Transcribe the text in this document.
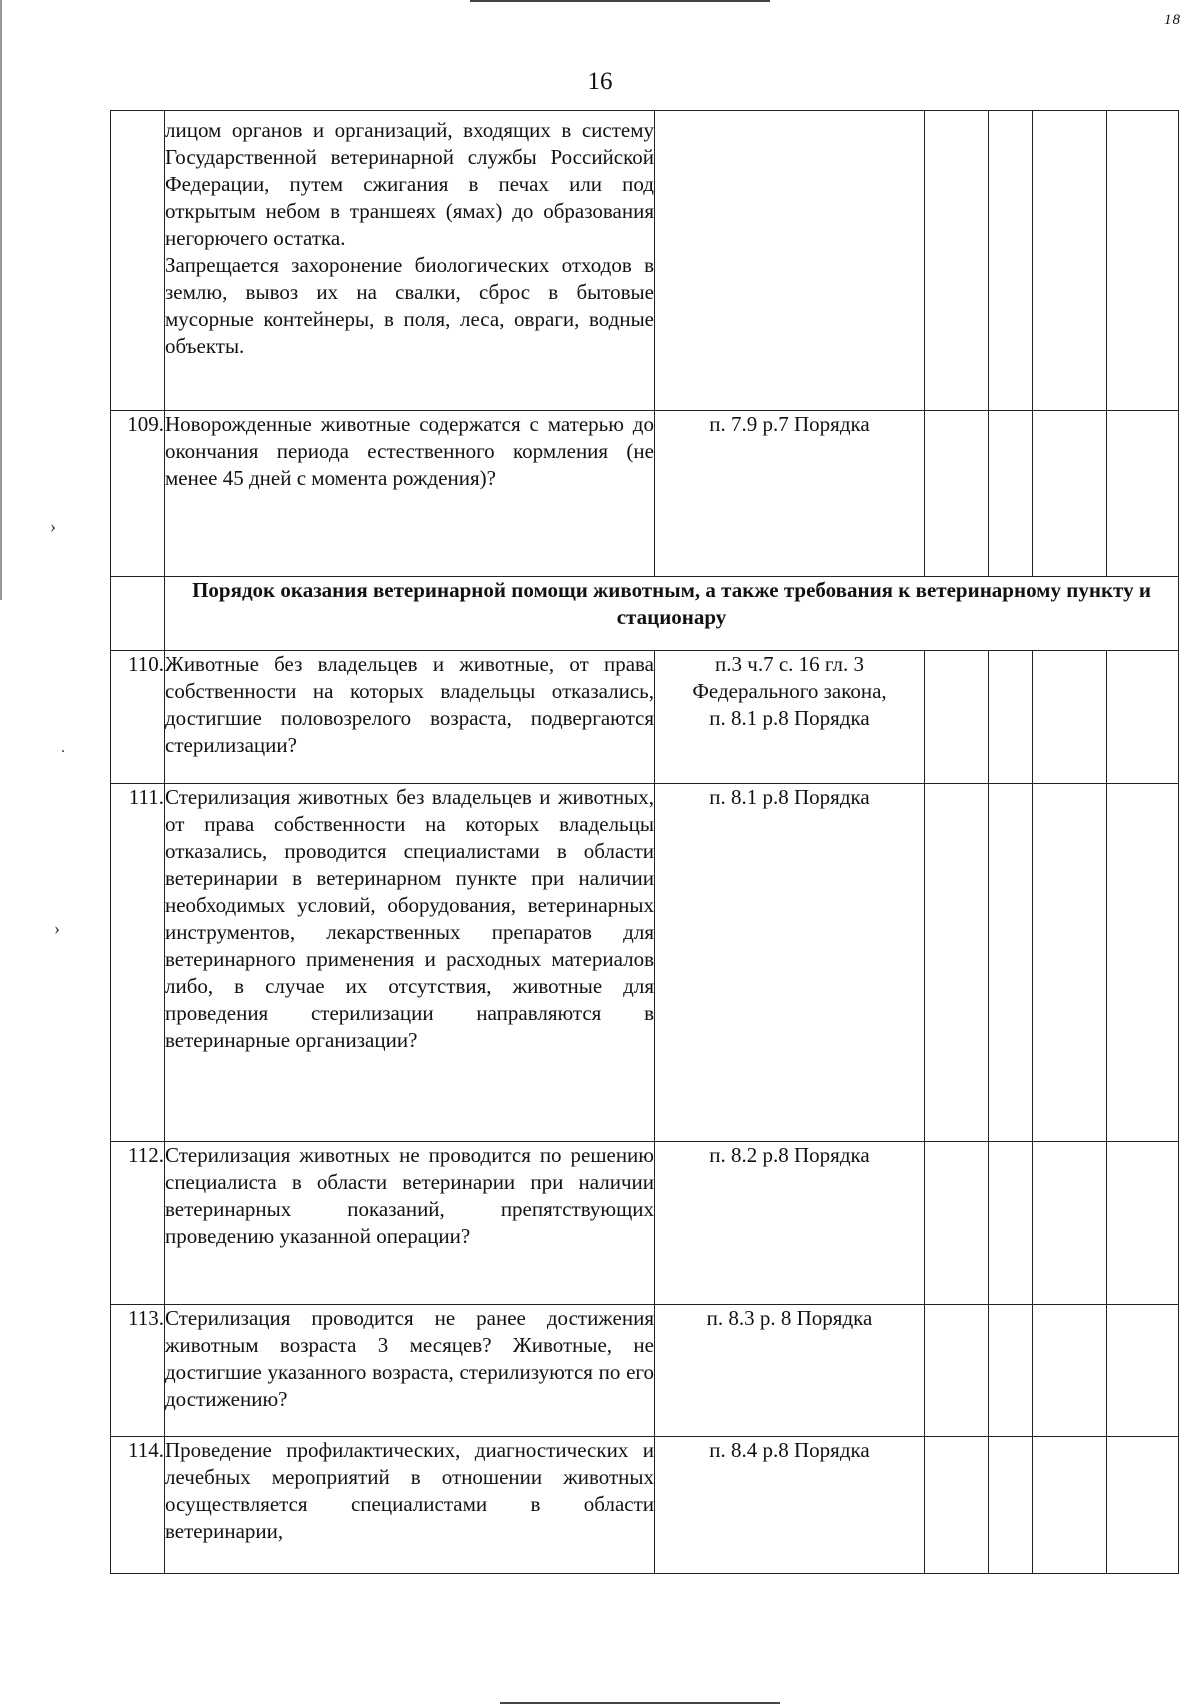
›
˙
›
18
16

	лицом органов и организаций, входящих в систему Государственной ветеринарной службы Российской Федерации, путем сжигания в печах или под открытым небом в траншеях (ямах) до образования негорючего остатка.
Запрещается захоронение биологических отходов в землю, вывоз их на свалки, сброс в бытовые мусорные контейнеры, в поля, леса, овраги, водные объекты.					

109.	Новорожденные животные содержатся с матерью до окончания периода естественного кормления (не менее 45 дней с момента рождения)?	п. 7.9 р.7 Порядка				

	Порядок оказания ветеринарной помощи животным, а также требования к ветеринарному пункту и стационару					
110.	Животные без владельцев и животные, от права собственности на которых владельцы отказались, достигшие половозрелого возраста, подвергаются стерилизации?	п.3 ч.7 с. 16 гл. 3
Федерального закона,
п. 8.1 р.8 Порядка				

111.	Стерилизация животных без владельцев и животных, от права собственности на которых владельцы отказались, проводится специалистами в области ветеринарии в ветеринарном пункте при наличии необходимых условий, оборудования, ветеринарных инструментов, лекарственных препаратов для ветеринарного применения и расходных материалов либо, в случае их отсутствия, животные для проведения стерилизации направляются в ветеринарные организации?	п. 8.1 р.8 Порядка				

112.	Стерилизация животных не проводится по решению специалиста в области ветеринарии при наличии ветеринарных показаний, препятствующих проведению указанной операции?	п. 8.2 р.8 Порядка				

113.	Стерилизация проводится не ранее достижения животным возраста 3 месяцев? Животные, не достигшие указанного возраста, стерилизуются по его достижению?	п. 8.3 р. 8 Порядка				

114.	Проведение профилактических, диагностических и лечебных мероприятий в отношении животных осуществляется специалистами в области ветеринарии,	п. 8.4 р.8 Порядка				
